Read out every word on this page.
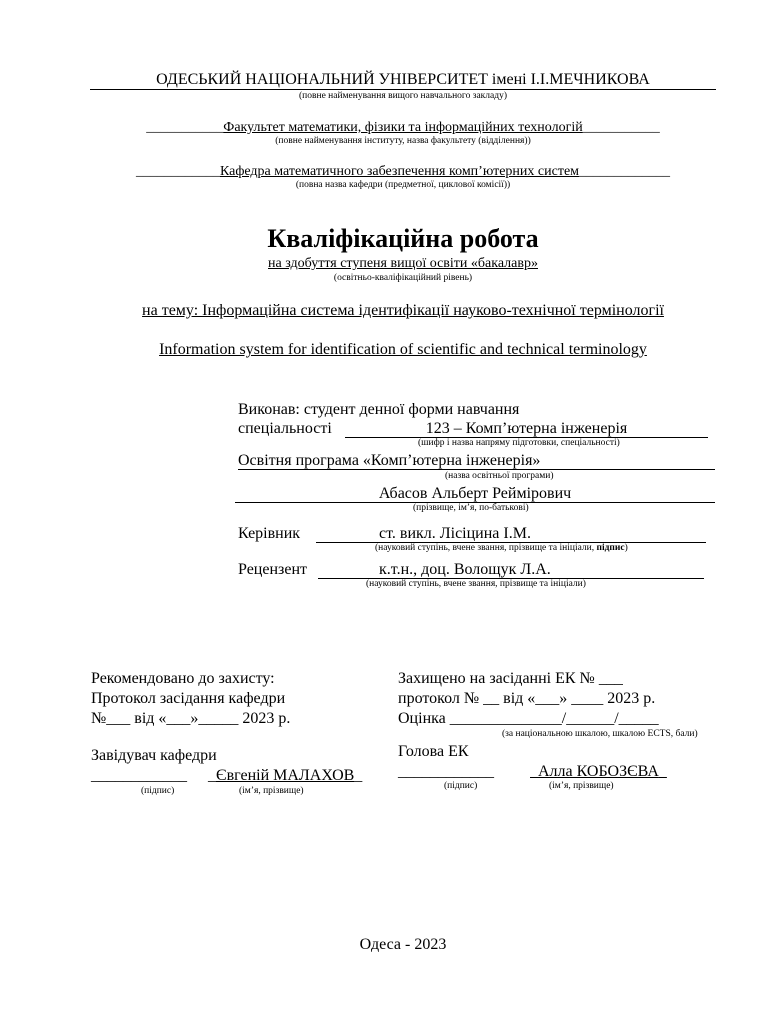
ОДЕСЬКИЙ НАЦІОНАЛЬНИЙ УНІВЕРСИТЕТ імені І.І.МЕЧНИКОВА
(повне найменування вищого навчального закладу)
___________Факультет математики, фізики та інформаційних технологій___________
(повне найменування інституту, назва факультету (відділення))
____________Кафедра математичного забезпечення комп’ютерних систем_____________
(повна назва кафедри (предметної, циклової комісії))
Кваліфікаційна робота
на здобуття ступеня вищої освіти «бакалавр»
(освітньо-кваліфікаційний рівень)
на тему: Інформаційна система ідентифікації науково-технічної термінології
Information system for identification of scientific and technical terminology
Виконав: студент денної форми навчання
спеціальності	123 – Комп’ютерна інженерія
(шифр і назва напряму підготовки, спеціальності)
Освітня програма «Комп’ютерна інженерія»
(назва освітньої програми)
Абасов Альберт Реймірович
(прізвище, ім’я, по-батькові)
Керівник	ст. викл. Лісіцина І.М.
(науковий ступінь, вчене звання, прізвище та ініціали, підпис)
Рецензент	к.т.н., доц. Волощук Л.А.
(науковий ступінь, вчене звання, прізвище та ініціали)
Рекомендовано до захисту:
Протокол засідання кафедри
№___ від «___»_____ 2023 р.
Завідувач кафедри
____________ _Євгеній МАЛАХОВ_
(підпис)	(ім’я, прізвище)
Захищено на засіданні ЕК № ___
протокол № __ від «___» ____ 2023 р.
Оцінка ______________/______/_____
(за національною шкалою, шкалою ECTS, бали)
Голова ЕК
____________	Алла КОБОЗЄВА
(підпис)	(ім’я, прізвище)
Одеса - 2023
